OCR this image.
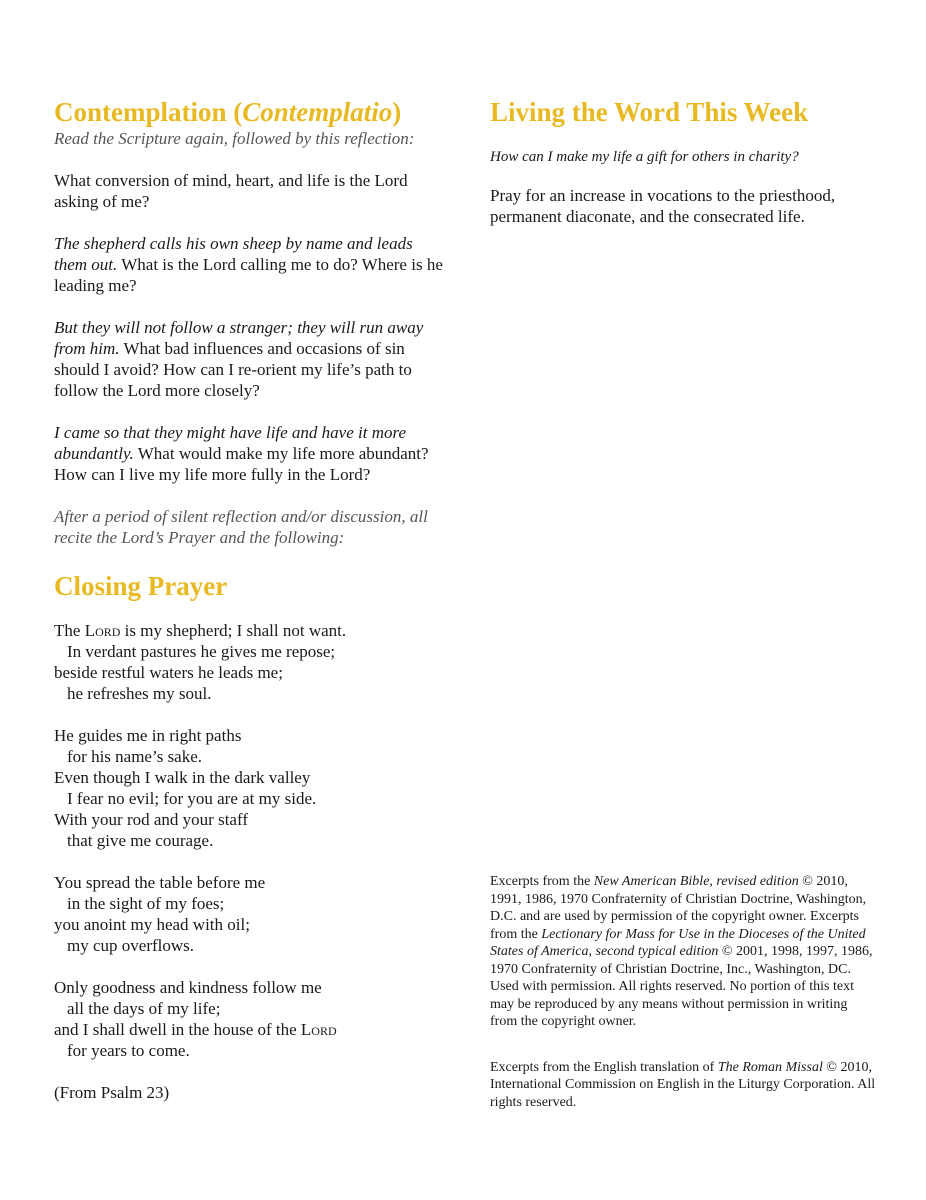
Contemplation (Contemplatio)

Read the Scripture again, followed by this reflection:

What conversion of mind, heart, and life is the Lord asking of me?

The shepherd calls his own sheep by name and leads them out. What is the Lord calling me to do? Where is he leading me?

But they will not follow a stranger; they will run away from him. What bad influences and occasions of sin should I avoid? How can I re-orient my life’s path to follow the Lord more closely?

I came so that they might have life and have it more abundantly. What would make my life more abundant? How can I live my life more fully in the Lord?

After a period of silent reflection and/or discussion, all recite the Lord’s Prayer and the following:

Closing Prayer

The Lord is my shepherd; I shall not want.

In verdant pastures he gives me repose;

beside restful waters he leads me;

he refreshes my soul.

He guides me in right paths

for his name’s sake.

Even though I walk in the dark valley

I fear no evil; for you are at my side.

With your rod and your staff

that give me courage.

You spread the table before me

in the sight of my foes;

you anoint my head with oil;

my cup overflows.

Only goodness and kindness follow me

all the days of my life;

and I shall dwell in the house of the Lord

for years to come.

(From Psalm 23)

Living the Word This Week

How can I make my life a gift for others in charity?

Pray for an increase in vocations to the priesthood, permanent diaconate, and the consecrated life.

Excerpts from the New American Bible, revised edition © 2010, 1991, 1986, 1970 Confraternity of Christian Doctrine, Washington, D.C. and are used by permission of the copyright owner. Excerpts from the Lectionary for Mass for Use in the Dioceses of the United States of America, second typical edition © 2001, 1998, 1997, 1986, 1970 Confraternity of Christian Doctrine, Inc., Washington, DC. Used with permission. All rights reserved. No portion of this text may be reproduced by any means without permission in writing from the copyright owner.

Excerpts from the English translation of The Roman Missal © 2010, International Commission on English in the Liturgy Corporation. All rights reserved.
